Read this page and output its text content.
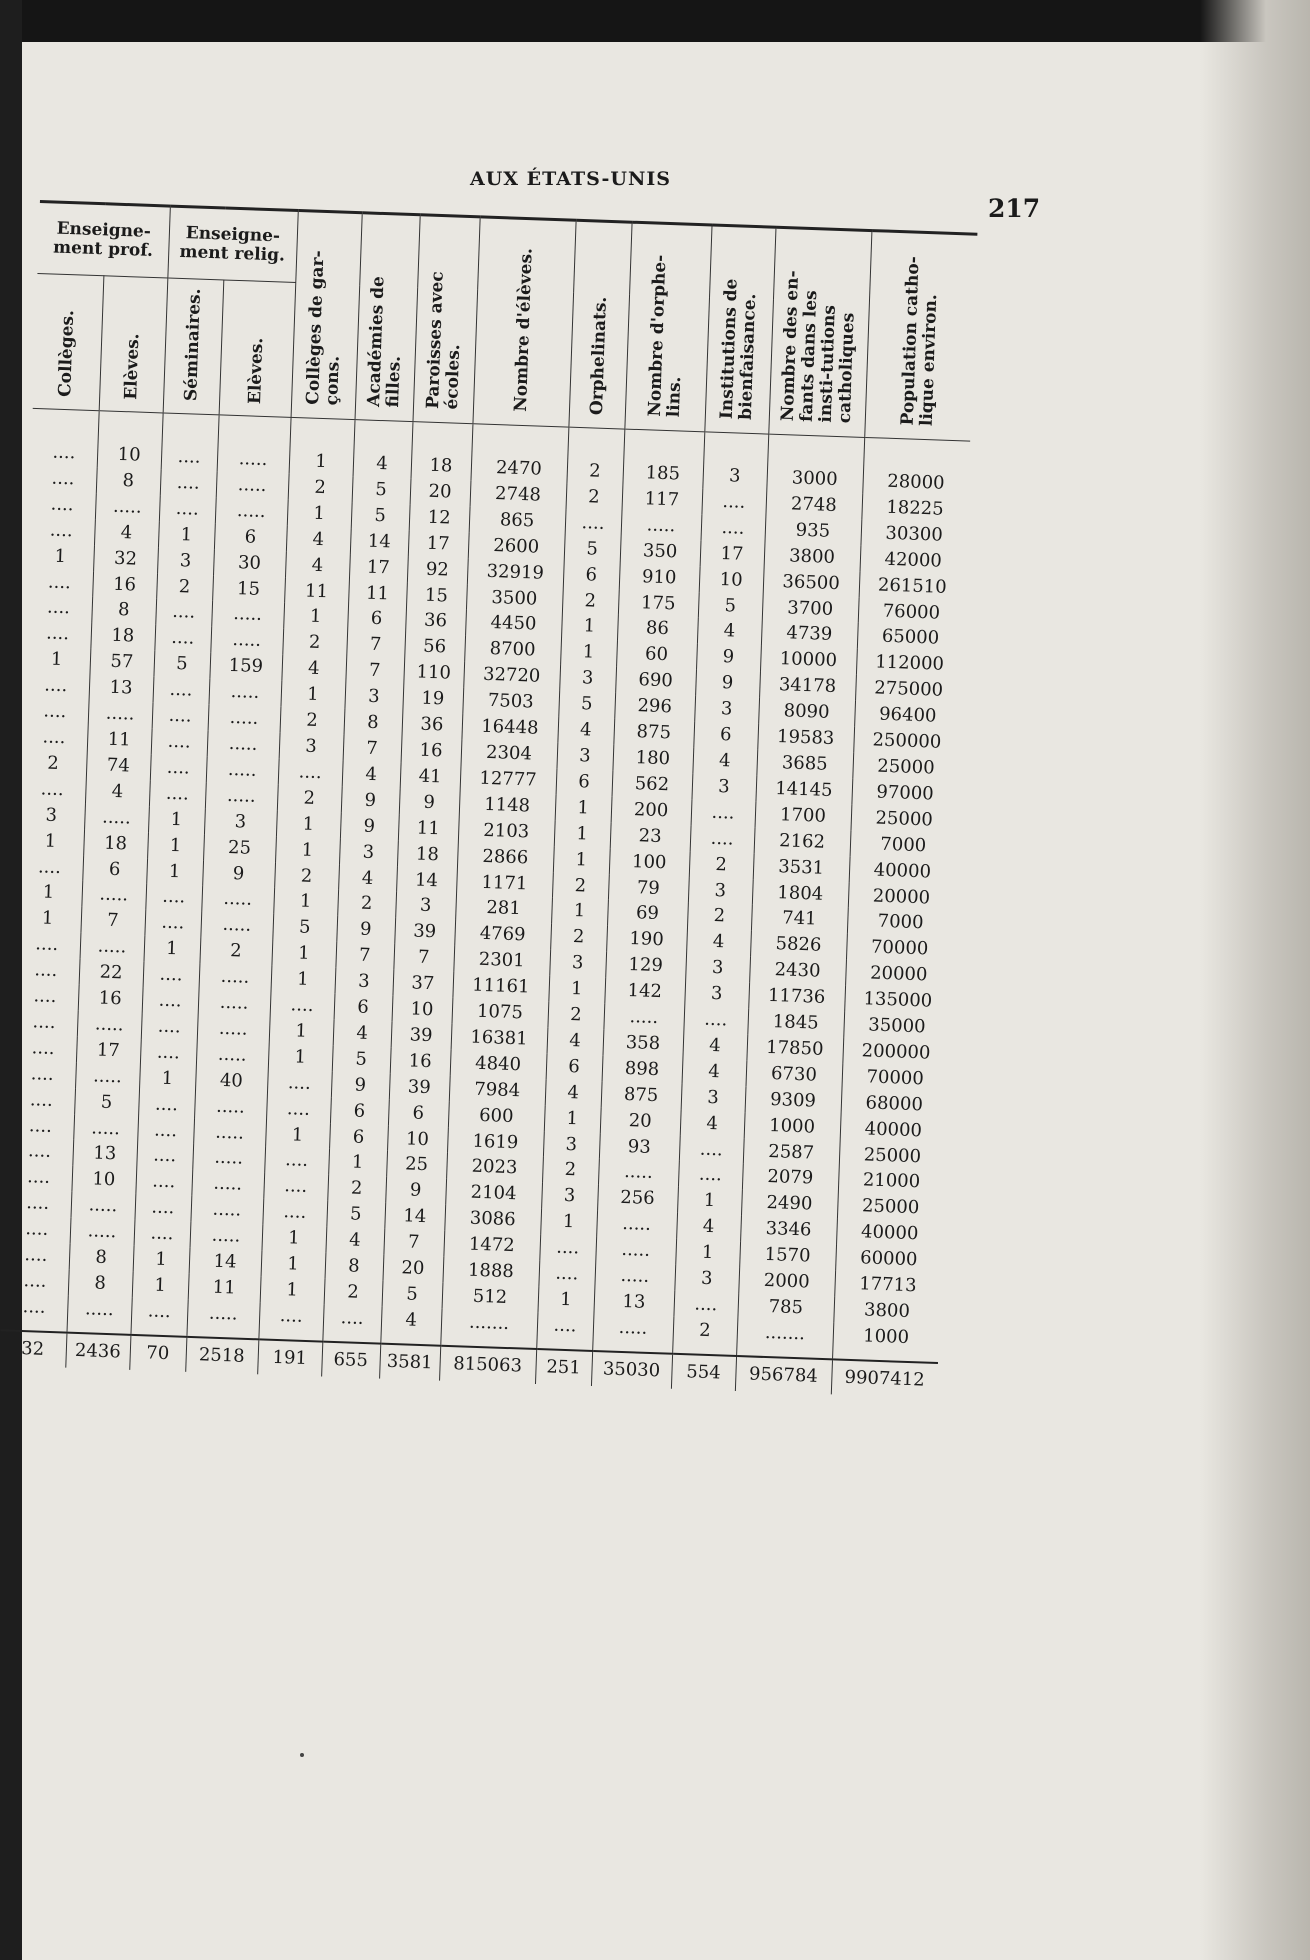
AUX ÉTATS-UNIS
217
Enseigne-ment prof.		Enseigne-ment relig.		Collèges de gar-çons.	Académies de filles.	Paroisses avec écoles.	Nombre d'élèves.	Orphelinats.	Nombre d'orphe-lins.	Institutions de bienfaisance.	Nombre des en-fants dans les insti-tutions catholiques	Population catho-lique environ.
Collèges.	Elèves.	Séminaires.	Elèves.									
....	10	....	.....	1	4	18	2470	2	185	3	3000	28000
....	8	....	.....	2	5	20	2748	2	117	....	2748	18225
....	.....	....	.....	1	5	12	865	....	.....	....	935	30300
....	4	1	6	4	14	17	2600	5	350	17	3800	42000
1	32	3	30	4	17	92	32919	6	910	10	36500	261510
....	16	2	15	11	11	15	3500	2	175	5	3700	76000
....	8	....	.....	1	6	36	4450	1	86	4	4739	65000
....	18	....	.....	2	7	56	8700	1	60	9	10000	112000
1	57	5	159	4	7	110	32720	3	690	9	34178	275000
....	13	....	.....	1	3	19	7503	5	296	3	8090	96400
....	.....	....	.....	2	8	36	16448	4	875	6	19583	250000
....	11	....	.....	3	7	16	2304	3	180	4	3685	25000
2	74	....	.....	....	4	41	12777	6	562	3	14145	97000
....	4	....	.....	2	9	9	1148	1	200	....	1700	25000
3	.....	1	3	1	9	11	2103	1	23	....	2162	7000
1	18	1	25	1	3	18	2866	1	100	2	3531	40000
....	6	1	9	2	4	14	1171	2	79	3	1804	20000
1	.....	....	.....	1	2	3	281	1	69	2	741	7000
1	7	....	.....	5	9	39	4769	2	190	4	5826	70000
....	.....	1	2	1	7	7	2301	3	129	3	2430	20000
....	22	....	.....	1	3	37	11161	1	142	3	11736	135000
....	16	....	.....	....	6	10	1075	2	.....	....	1845	35000
....	.....	....	.....	1	4	39	16381	4	358	4	17850	200000
....	17	....	.....	1	5	16	4840	6	898	4	6730	70000
....	.....	1	40	....	9	39	7984	4	875	3	9309	68000
....	5	....	.....	....	6	6	600	1	20	4	1000	40000
....	.....	....	.....	1	6	10	1619	3	93	....	2587	25000
....	13	....	.....	....	1	25	2023	2	.....	....	2079	21000
....	10	....	.....	....	2	9	2104	3	256	1	2490	25000
....	.....	....	.....	....	5	14	3086	1	.....	4	3346	40000
....	.....	....	.....	1	4	7	1472	....	.....	1	1570	60000
....	8	1	14	1	8	20	1888	....	.....	3	2000	17713
....	8	1	11	1	2	5	512	1	13	....	785	3800
....	.....	....	.....	....	....	4	.......	....	.....	2	.......	1000
32	2436	70	2518	191	655	3581	815063	251	35030	554	956784	9907412
